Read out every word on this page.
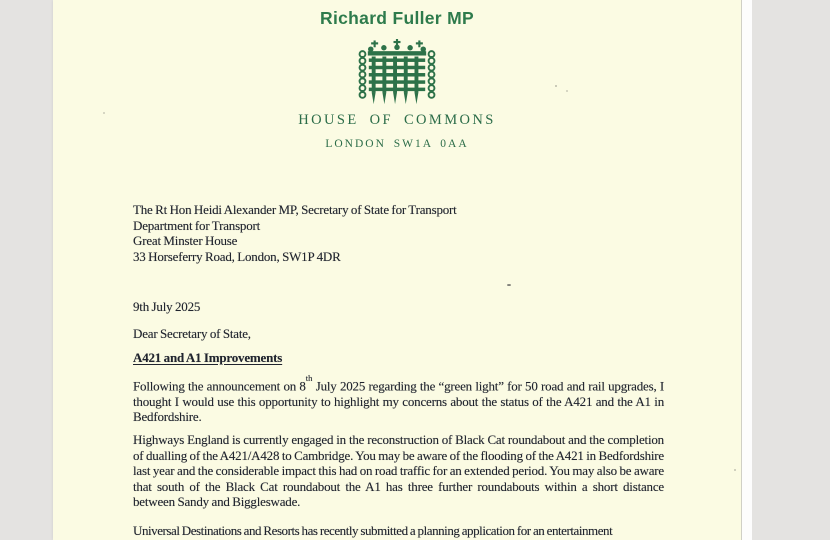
Richard Fuller MP
HOUSE OF COMMONS
LONDON SW1A 0AA
The Rt Hon Heidi Alexander MP, Secretary of State for Transport
Department for Transport
Great Minster House
33 Horseferry Road, London, SW1P 4DR
9th July 2025
Dear Secretary of State,
A421 and A1 Improvements

Following the announcement on 8th July 2025 regarding the “green light” for 50 road and rail upgrades, I thought I would use this opportunity to highlight my concerns about the status of the A421 and the A1 in Bedfordshire.

Highways England is currently engaged in the reconstruction of Black Cat roundabout and the completion of dualling of the A421/A428 to Cambridge. You may be aware of the flooding of the A421 in Bedfordshire last year and the considerable impact this had on road traffic for an extended period. You may also be aware that south of the Black Cat roundabout the A1 has three further roundabouts within a short distance between Sandy and Biggleswade.

Universal Destinations and Resorts has recently submitted a planning application for an entertainment
